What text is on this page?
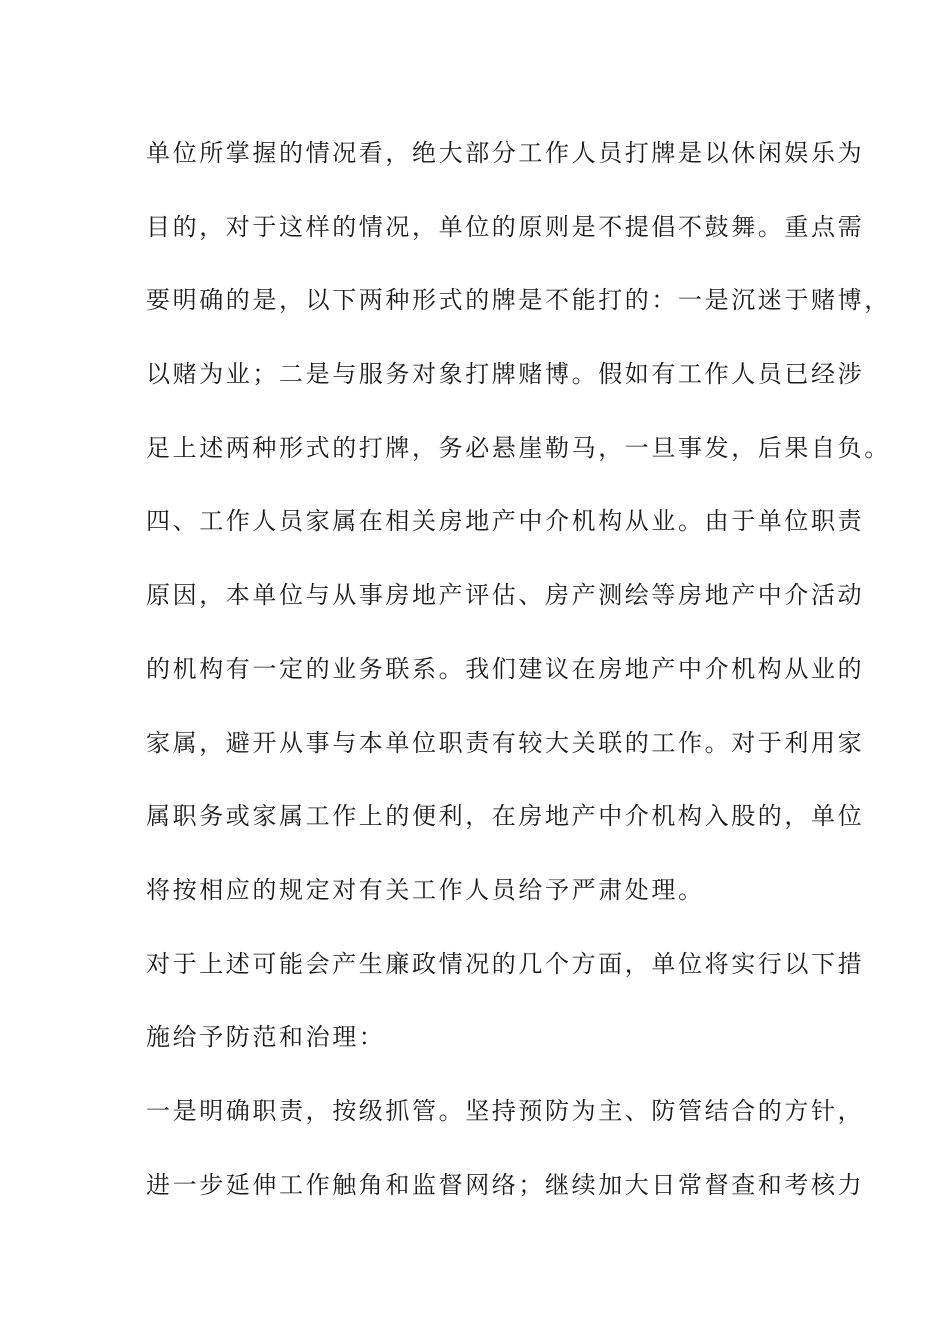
单位所掌握的情况看，绝大部分工作人员打牌是以休闲娱乐为
目的，对于这样的情况，单位的原则是不提倡不鼓舞。重点需
要明确的是，以下两种形式的牌是不能打的：一是沉迷于赌博，
以赌为业；二是与服务对象打牌赌博。假如有工作人员已经涉
足上述两种形式的打牌，务必悬崖勒马，一旦事发，后果自负。
四、工作人员家属在相关房地产中介机构从业。由于单位职责
原因，本单位与从事房地产评估、房产测绘等房地产中介活动
的机构有一定的业务联系。我们建议在房地产中介机构从业的
家属，避开从事与本单位职责有较大关联的工作。对于利用家
属职务或家属工作上的便利，在房地产中介机构入股的，单位
将按相应的规定对有关工作人员给予严肃处理。
对于上述可能会产生廉政情况的几个方面，单位将实行以下措
施给予防范和治理：
一是明确职责，按级抓管。坚持预防为主、防管结合的方针，
进一步延伸工作触角和监督网络；继续加大日常督查和考核力
